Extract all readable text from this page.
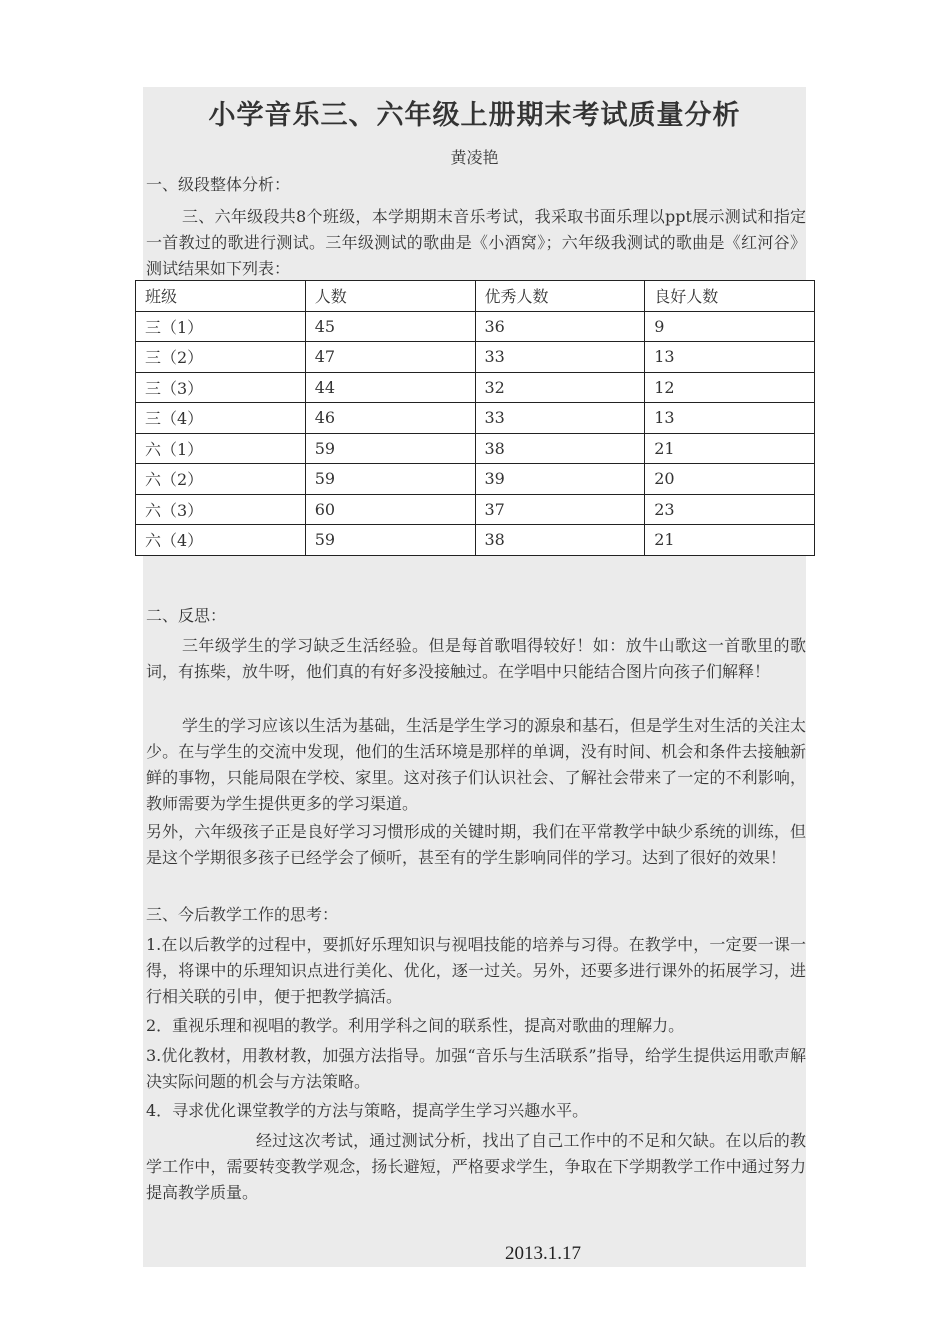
小学音乐三、六年级上册期末考试质量分析
黄凌艳
一、级段整体分析：
三、六年级段共8个班级，本学期期末音乐考试，我采取书面乐理以ppt展示测试和指定一首教过的歌进行测试。三年级测试的歌曲是《小酒窝》；六年级我测试的歌曲是《红河谷》测试结果如下列表：
班级	人数	优秀人数	良好人数
三（1）	45	36	9
三（2）	47	33	13
三（3）	44	32	12
三（4）	46	33	13
六（1）	59	38	21
六（2）	59	39	20
六（3）	60	37	23
六（4）	59	38	21
二、反思：
三年级学生的学习缺乏生活经验。但是每首歌唱得较好！如：放牛山歌这一首歌里的歌词，有拣柴，放牛呀，他们真的有好多没接触过。在学唱中只能结合图片向孩子们解释！
学生的学习应该以生活为基础，生活是学生学习的源泉和基石，但是学生对生活的关注太少。在与学生的交流中发现，他们的生活环境是那样的单调，没有时间、机会和条件去接触新鲜的事物，只能局限在学校、家里。这对孩子们认识社会、了解社会带来了一定的不利影响，教师需要为学生提供更多的学习渠道。
另外，六年级孩子正是良好学习习惯形成的关键时期，我们在平常教学中缺少系统的训练，但是这个学期很多孩子已经学会了倾听，甚至有的学生影响同伴的学习。达到了很好的效果！
三、今后教学工作的思考：
1.在以后教学的过程中，要抓好乐理知识与视唱技能的培养与习得。在教学中，一定要一课一得，将课中的乐理知识点进行美化、优化，逐一过关。另外，还要多进行课外的拓展学习，进行相关联的引申，便于把教学搞活。
2．重视乐理和视唱的教学。利用学科之间的联系性，提高对歌曲的理解力。
3.优化教材，用教材教，加强方法指导。加强“音乐与生活联系”指导，给学生提供运用歌声解决实际问题的机会与方法策略。
4．寻求优化课堂教学的方法与策略，提高学生学习兴趣水平。
经过这次考试，通过测试分析，找出了自己工作中的不足和欠缺。在以后的教学工作中，需要转变教学观念，扬长避短，严格要求学生，争取在下学期教学工作中通过努力提高教学质量。
2013.1.17
